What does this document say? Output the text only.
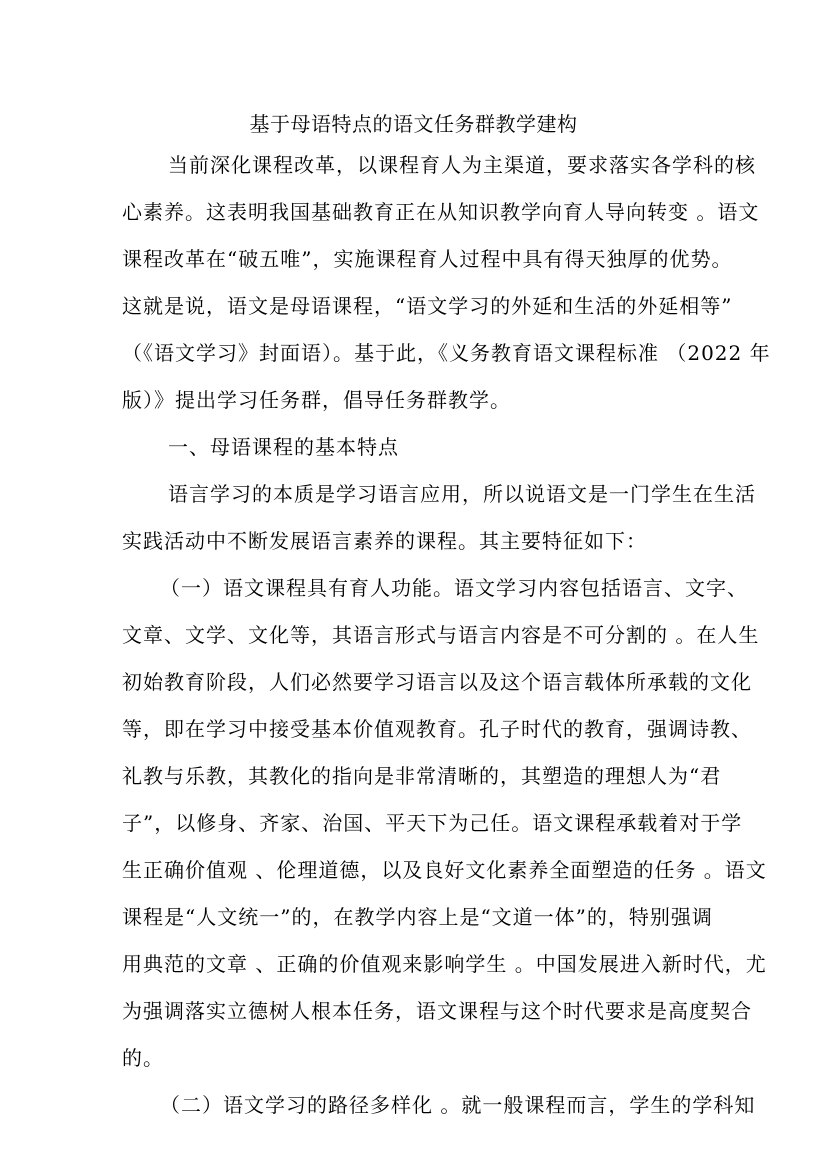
基于母语特点的语文任务群教学建构
当前深化课程改革，以课程育人为主渠道，要求落实各学科的核
心素养。这表明我国基础教育正在从知识教学向育人导向转变 。语文
课程改革在“破五唯”，实施课程育人过程中具有得天独厚的优势。
这就是说，语文是母语课程，“语文学习的外延和生活的外延相等”
（《语文学习》封面语）。基于此，《义务教育语文课程标准 （2022 年
版）》提出学习任务群，倡导任务群教学。
一、母语课程的基本特点
语言学习的本质是学习语言应用，所以说语文是一门学生在生活
实践活动中不断发展语言素养的课程。其主要特征如下：
（一）语文课程具有育人功能。语文学习内容包括语言、文字、
文章、文学、文化等，其语言形式与语言内容是不可分割的 。在人生
初始教育阶段，人们必然要学习语言以及这个语言载体所承载的文化
等，即在学习中接受基本价值观教育。孔子时代的教育，强调诗教、
礼教与乐教，其教化的指向是非常清晰的，其塑造的理想人为“君
子”，以修身、齐家、治国、平天下为己任。语文课程承载着对于学
生正确价值观 、伦理道德，以及良好文化素养全面塑造的任务 。语文
课程是“人文统一”的，在教学内容上是“文道一体”的，特别强调
用典范的文章 、正确的价值观来影响学生 。中国发展进入新时代，尤
为强调落实立德树人根本任务，语文课程与这个时代要求是高度契合
的。
（二）语文学习的路径多样化 。就一般课程而言，学生的学科知
